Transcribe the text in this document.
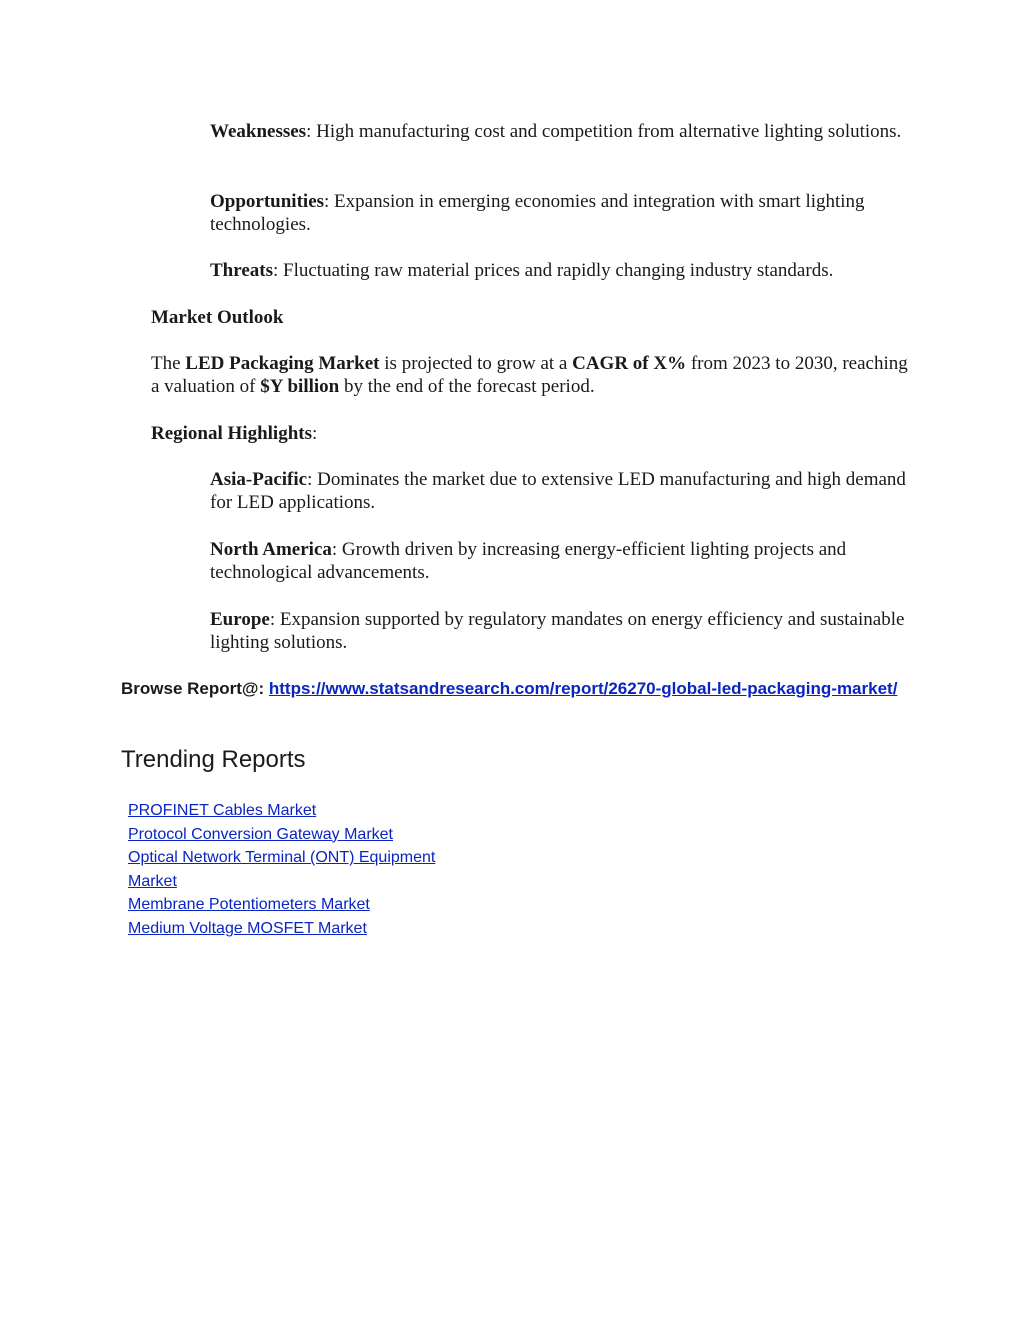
Weaknesses: High manufacturing cost and competition from alternative lighting solutions.

Opportunities: Expansion in emerging economies and integration with smart lighting technologies.

Threats: Fluctuating raw material prices and rapidly changing industry standards.

Market Outlook

The LED Packaging Market is projected to grow at a CAGR of X% from 2023 to 2030, reaching a valuation of $Y billion by the end of the forecast period.

Regional Highlights:

Asia-Pacific: Dominates the market due to extensive LED manufacturing and high demand for LED applications.

North America: Growth driven by increasing energy-efficient lighting projects and technological advancements.

Europe: Expansion supported by regulatory mandates on energy efficiency and sustainable lighting solutions.

Browse Report@: https://www.statsandresearch.com/report/26270-global-led-packaging-market/
Trending Reports
PROFINET Cables Market
Protocol Conversion Gateway Market
Optical Network Terminal (ONT) Equipment Market
Membrane Potentiometers Market
Medium Voltage MOSFET Market
